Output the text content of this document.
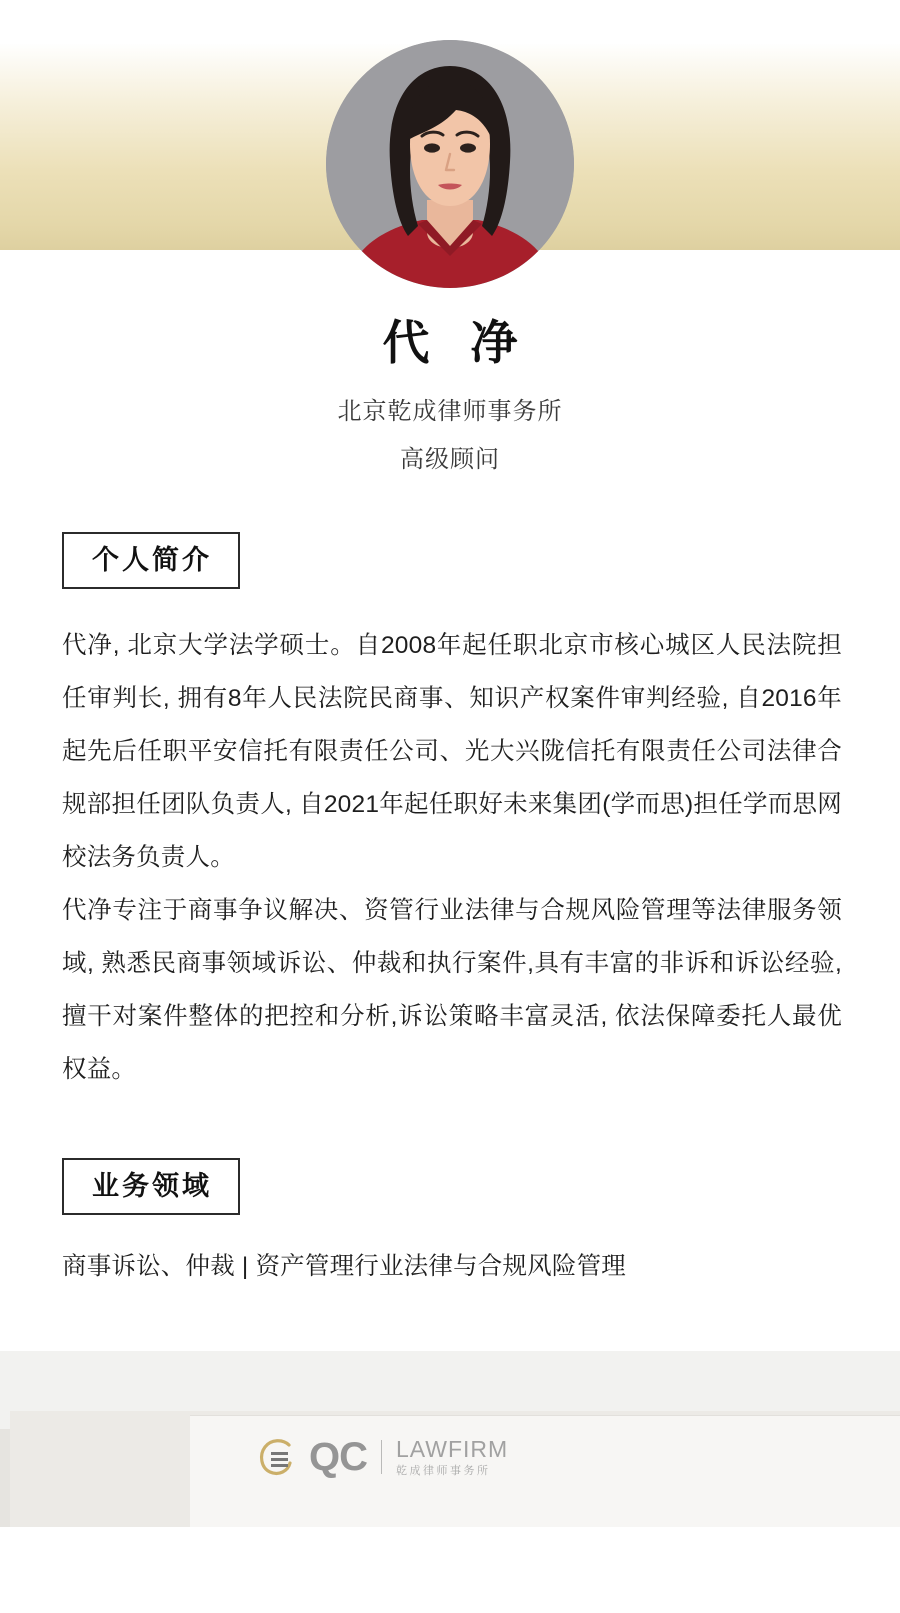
代 净
北京乾成律师事务所
高级顾问
个人简介

代净, 北京大学法学硕士。自2008年起任职北京市核心城区人民法院担任审判长, 拥有8年人民法院民商事、知识产权案件审判经验, 自2016年起先后任职平安信托有限责任公司、光大兴陇信托有限责任公司法律合规部担任团队负责人, 自2021年起任职好未来集团(学而思)担任学而思网校法务负责人。

代净专注于商事争议解决、资管行业法律与合规风险管理等法律服务领域, 熟悉民商事领域诉讼、仲裁和执行案件,具有丰富的非诉和诉讼经验, 擅干对案件整体的把控和分析,诉讼策略丰富灵活, 依法保障委托人最优权益。

业务领域
商事诉讼、仲裁 | 资产管理行业法律与合规风险管理
QC LAWFIRM
乾成律师事务所
